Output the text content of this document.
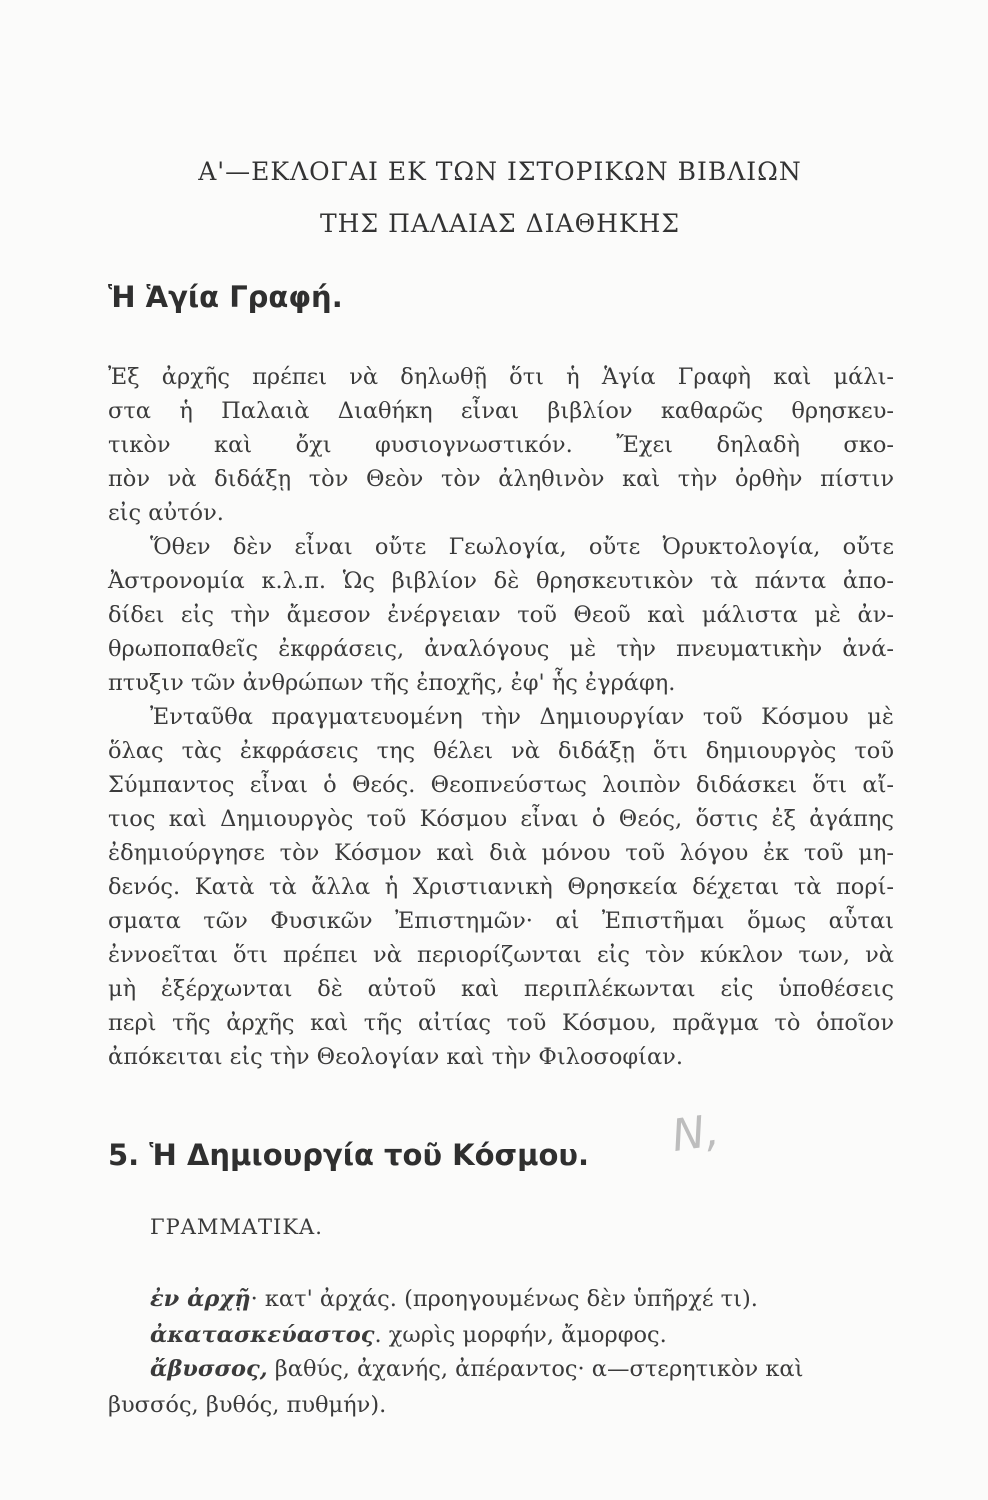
Α'—ΕΚΛΟΓΑΙ ΕΚ ΤΩΝ ΙΣΤΟΡΙΚΩΝ ΒΙΒΛΙΩΝ
ΤΗΣ ΠΑΛΑΙΑΣ ΔΙΑΘΗΚΗΣ
Ἡ Ἁγία Γραφή.
Ἐξ ἀρχῆς πρέπει νὰ δηλωθῇ ὅτι ἡ Ἁγία Γραφὴ καὶ μάλι-
στα ἡ Παλαιὰ Διαθήκη εἶναι βιβλίον καθαρῶς θρησκευ-
τικὸν καὶ ὄχι φυσιογνωστικόν. Ἔχει δηλαδὴ σκο-
πὸν νὰ διδάξῃ τὸν Θεὸν τὸν ἀληθινὸν καὶ τὴν ὀρθὴν πίστιν
εἰς αὐτόν.
Ὅθεν δὲν εἶναι οὔτε Γεωλογία, οὔτε Ὀρυκτολογία, οὔτε
Ἀστρονομία κ.λ.π. Ὡς βιβλίον δὲ θρησκευτικὸν τὰ πάντα ἀπο-
δίδει εἰς τὴν ἄμεσον ἐνέργειαν τοῦ Θεοῦ καὶ μάλιστα μὲ ἀν-
θρωποπαθεῖς ἐκφράσεις, ἀναλόγους μὲ τὴν πνευματικὴν ἀνά-
πτυξιν τῶν ἀνθρώπων τῆς ἐποχῆς, ἐφ' ἧς ἐγράφη.
Ἐνταῦθα πραγματευομένη τὴν Δημιουργίαν τοῦ Κόσμου μὲ
ὅλας τὰς ἐκφράσεις της θέλει νὰ διδάξῃ ὅτι δημιουργὸς τοῦ
Σύμπαντος εἶναι ὁ Θεός. Θεοπνεύστως λοιπὸν διδάσκει ὅτι αἴ-
τιος καὶ Δημιουργὸς τοῦ Κόσμου εἶναι ὁ Θεός, ὅστις ἐξ ἀγάπης
ἐδημιούργησε τὸν Κόσμον καὶ διὰ μόνου τοῦ λόγου ἐκ τοῦ μη-
δενός. Κατὰ τὰ ἄλλα ἡ Χριστιανικὴ Θρησκεία δέχεται τὰ πορί-
σματα τῶν Φυσικῶν Ἐπιστημῶν· αἱ Ἐπιστῆμαι ὅμως αὗται
ἐννοεῖται ὅτι πρέπει νὰ περιορίζωνται εἰς τὸν κύκλον των, νὰ
μὴ ἐξέρχωνται δὲ αὐτοῦ καὶ περιπλέκωνται εἰς ὑποθέσεις
περὶ τῆς ἀρχῆς καὶ τῆς αἰτίας τοῦ Κόσμου, πρᾶγμα τὸ ὁποῖον
ἀπόκειται εἰς τὴν Θεολογίαν καὶ τὴν Φιλοσοφίαν.
5. Ἡ Δημιουργία τοῦ Κόσμου. N,
ΓΡΑΜΜΑΤΙΚΑ.
ἐν ἀρχῇ· κατ' ἀρχάς. (προηγουμένως δὲν ὑπῆρχέ τι).
ἀκατασκεύαστος. χωρὶς μορφήν, ἄμορφος.
ἄβυσσος, βαθύς, ἀχανής, ἀπέραντος· α—στερητικὸν καὶ
βυσσός, βυθός, πυθμήν).
